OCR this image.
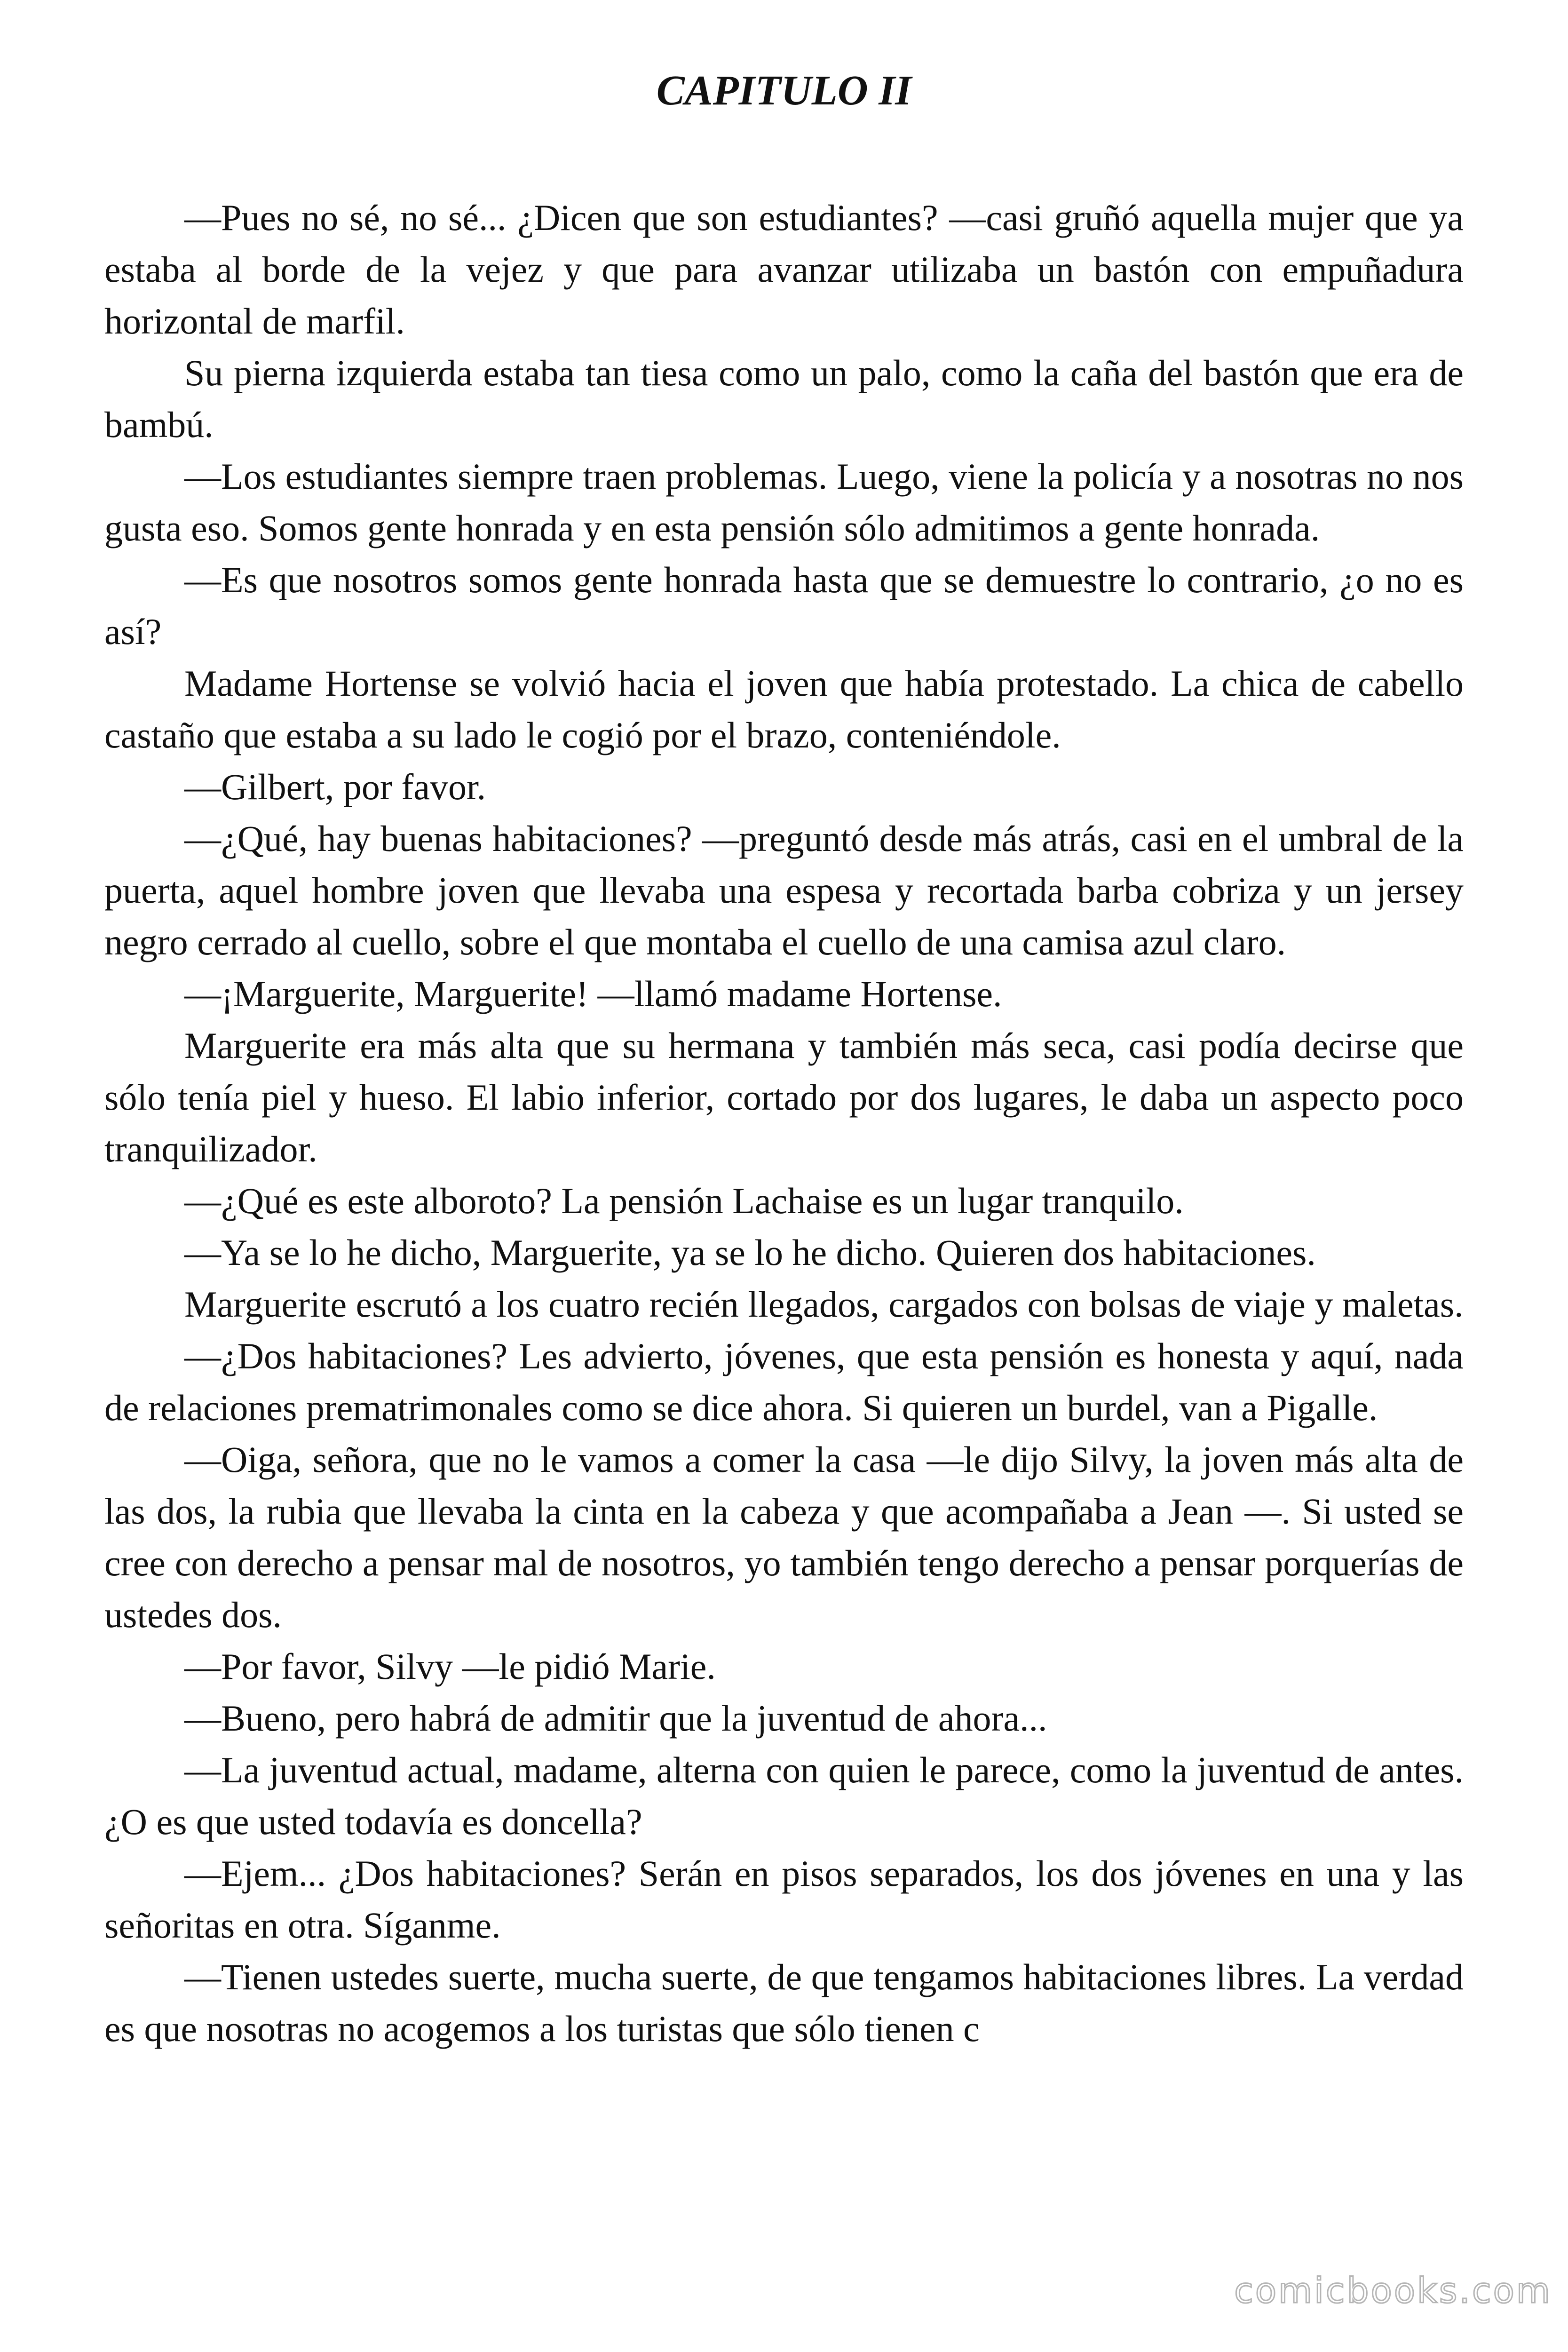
CAPITULO II

—Pues no sé, no sé... ¿Dicen que son estudiantes? —casi gruñó aquella mujer que ya estaba al borde de la vejez y que para avanzar utilizaba un bastón con empuñadura horizontal de marfil.

Su pierna izquierda estaba tan tiesa como un palo, como la caña del bastón que era de bambú.

—Los estudiantes siempre traen problemas. Luego, viene la policía y a nosotras no nos gusta eso. Somos gente honrada y en esta pensión sólo admitimos a gente honrada.

—Es que nosotros somos gente honrada hasta que se demuestre lo contrario, ¿o no es así?

Madame Hortense se volvió hacia el joven que había protestado. La chica de cabello castaño que estaba a su lado le cogió por el brazo, conteniéndole.

—Gilbert, por favor.

—¿Qué, hay buenas habitaciones? —preguntó desde más atrás, casi en el umbral de la puerta, aquel hombre joven que llevaba una espesa y recortada barba cobriza y un jersey negro cerrado al cuello, sobre el que montaba el cuello de una camisa azul claro.

—¡Marguerite, Marguerite! —llamó madame Hortense.

Marguerite era más alta que su hermana y también más seca, casi podía decirse que sólo tenía piel y hueso. El labio inferior, cortado por dos lugares, le daba un aspecto poco tranquilizador.

—¿Qué es este alboroto? La pensión Lachaise es un lugar tranquilo.

—Ya se lo he dicho, Marguerite, ya se lo he dicho. Quieren dos habitaciones.

Marguerite escrutó a los cuatro recién llegados, cargados con bolsas de viaje y maletas.

—¿Dos habitaciones? Les advierto, jóvenes, que esta pensión es honesta y aquí, nada de relaciones prematrimonales como se dice ahora. Si quieren un burdel, van a Pigalle.

—Oiga, señora, que no le vamos a comer la casa —le dijo Silvy, la joven más alta de las dos, la rubia que llevaba la cinta en la cabeza y que acompañaba a Jean —. Si usted se cree con derecho a pensar mal de nosotros, yo también tengo derecho a pensar porquerías de ustedes dos.

—Por favor, Silvy —le pidió Marie.

—Bueno, pero habrá de admitir que la juventud de ahora...

—La juventud actual, madame, alterna con quien le parece, como la juventud de antes. ¿O es que usted todavía es doncella?

—Ejem... ¿Dos habitaciones? Serán en pisos separados, los dos jóvenes en una y las señoritas en otra. Síganme.

—Tienen ustedes suerte, mucha suerte, de que tengamos habitaciones libres. La verdad es que nosotras no acogemos a los turistas que sólo tienen c

comicbooks.com
